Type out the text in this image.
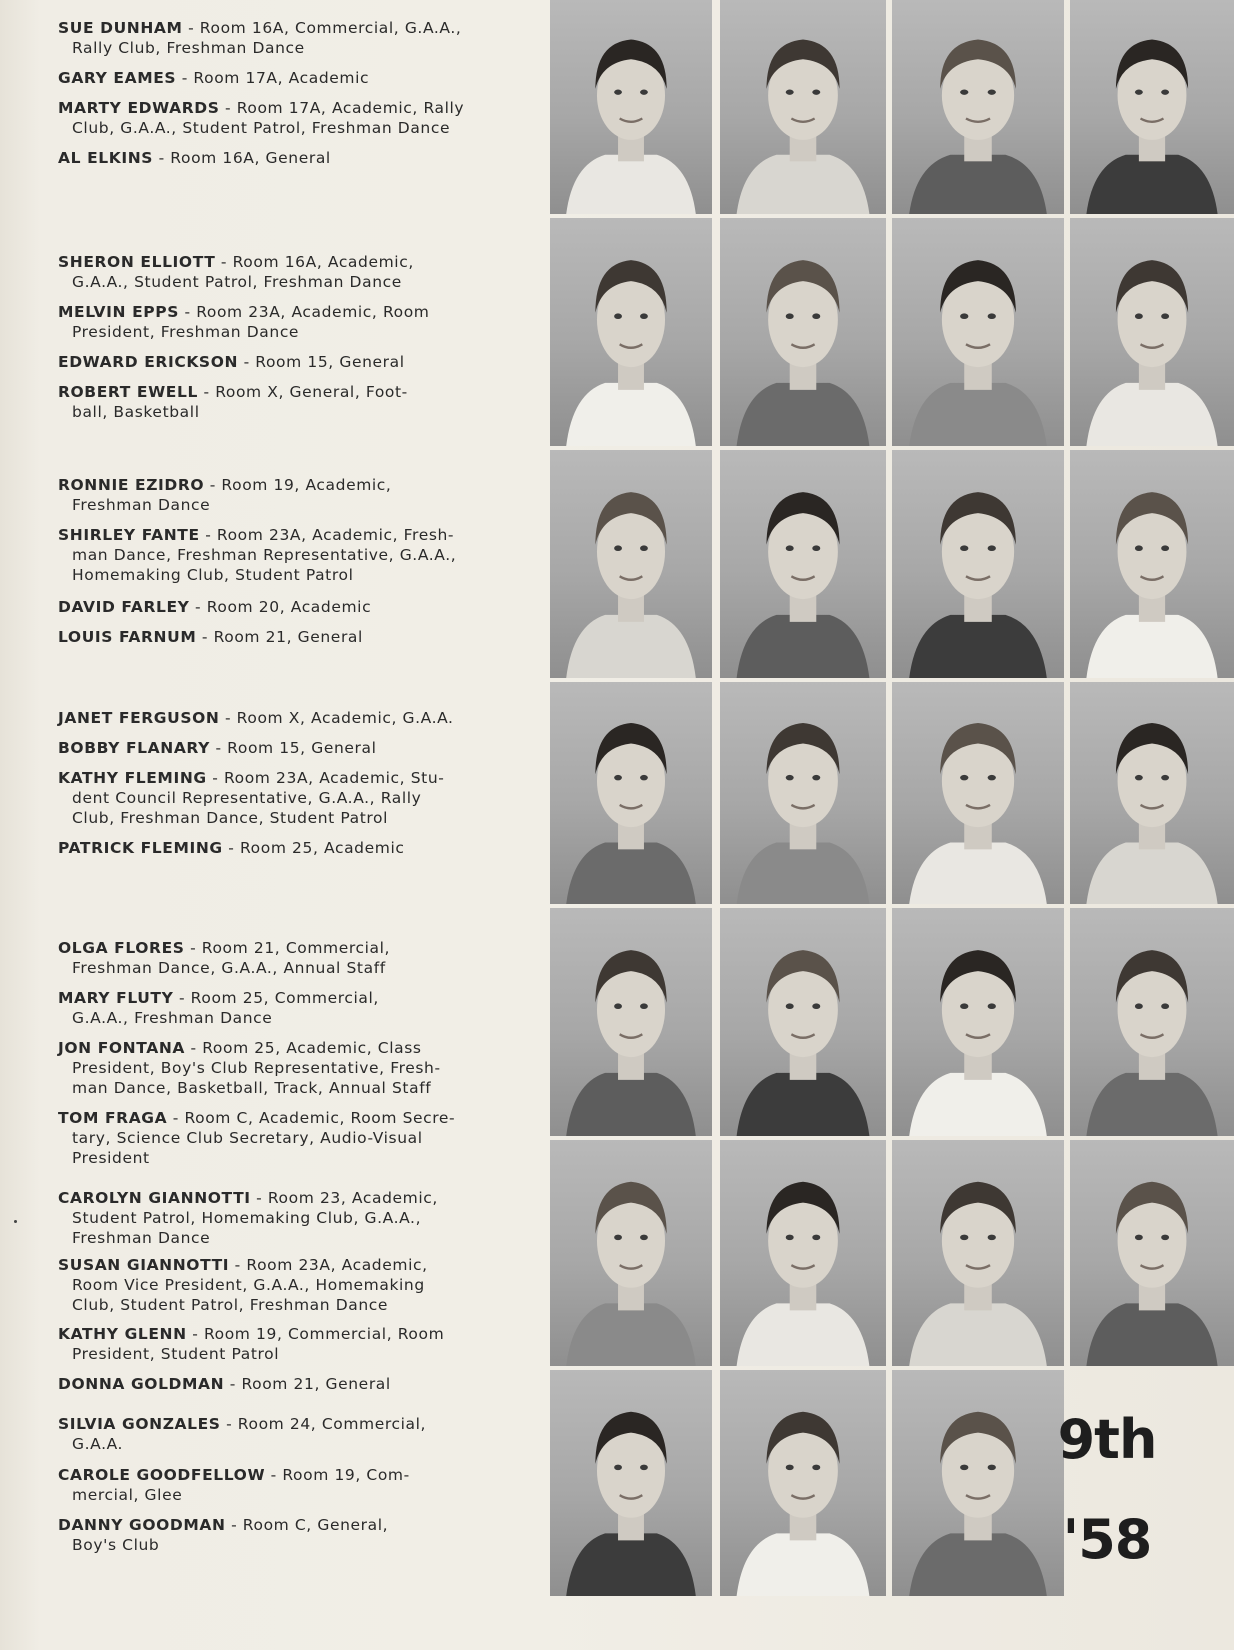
SUE DUNHAM - Room 16A, Commercial, G.A.A.,
Rally Club, Freshman Dance
GARY EAMES - Room 17A, Academic
MARTY EDWARDS - Room 17A, Academic, Rally
Club, G.A.A., Student Patrol, Freshman Dance
AL ELKINS - Room 16A, General
SHERON ELLIOTT - Room 16A, Academic,
G.A.A., Student Patrol, Freshman Dance
MELVIN EPPS - Room 23A, Academic, Room
President, Freshman Dance
EDWARD ERICKSON - Room 15, General
ROBERT EWELL - Room X, General, Foot-
ball, Basketball
RONNIE EZIDRO - Room 19, Academic,
Freshman Dance
SHIRLEY FANTE - Room 23A, Academic, Fresh-
man Dance, Freshman Representative, G.A.A.,
Homemaking Club, Student Patrol
DAVID FARLEY - Room 20, Academic
LOUIS FARNUM - Room 21, General
JANET FERGUSON - Room X, Academic, G.A.A.
BOBBY FLANARY - Room 15, General
KATHY FLEMING - Room 23A, Academic, Stu-
dent Council Representative, G.A.A., Rally
Club, Freshman Dance, Student Patrol
PATRICK FLEMING - Room 25, Academic
OLGA FLORES - Room 21, Commercial,
Freshman Dance, G.A.A., Annual Staff
MARY FLUTY - Room 25, Commercial,
G.A.A., Freshman Dance
JON FONTANA - Room 25, Academic, Class
President, Boy's Club Representative, Fresh-
man Dance, Basketball, Track, Annual Staff
TOM FRAGA - Room C, Academic, Room Secre-
tary, Science Club Secretary, Audio-Visual
President
CAROLYN GIANNOTTI - Room 23, Academic,
Student Patrol, Homemaking Club, G.A.A.,
Freshman Dance
SUSAN GIANNOTTI - Room 23A, Academic,
Room Vice President, G.A.A., Homemaking
Club, Student Patrol, Freshman Dance
KATHY GLENN - Room 19, Commercial, Room
President, Student Patrol
DONNA GOLDMAN - Room 21, General
SILVIA GONZALES - Room 24, Commercial,
G.A.A.
CAROLE GOODFELLOW - Room 19, Com-
mercial, Glee
DANNY GOODMAN - Room C, General,
Boy's Club
9th
'58
